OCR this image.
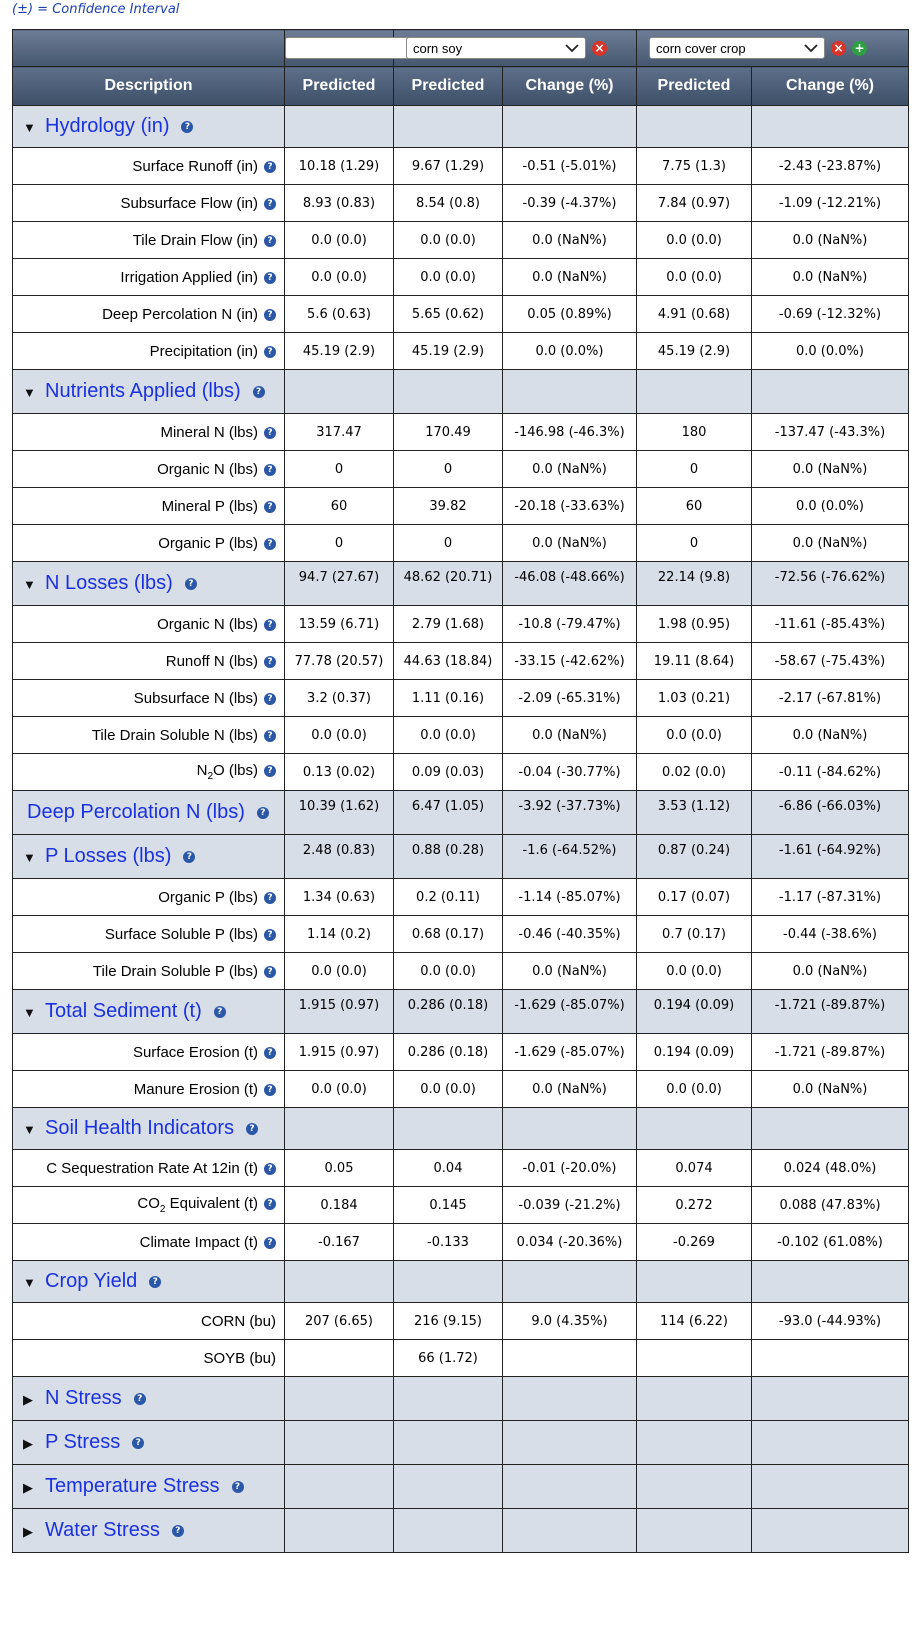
(±) = Confidence Interval

	corn soy ×		corn cover crop × +	
Description	Predicted	Predicted	Change (%)	Predicted	Change (%)
▼ Hydrology (in) ?					
Surface Runoff (in) ?	10.18 (1.29)	9.67 (1.29)	-0.51 (-5.01%)	7.75 (1.3)	-2.43 (-23.87%)
Subsurface Flow (in) ?	8.93 (0.83)	8.54 (0.8)	-0.39 (-4.37%)	7.84 (0.97)	-1.09 (-12.21%)
Tile Drain Flow (in) ?	0.0 (0.0)	0.0 (0.0)	0.0 (NaN%)	0.0 (0.0)	0.0 (NaN%)
Irrigation Applied (in) ?	0.0 (0.0)	0.0 (0.0)	0.0 (NaN%)	0.0 (0.0)	0.0 (NaN%)
Deep Percolation N (in) ?	5.6 (0.63)	5.65 (0.62)	0.05 (0.89%)	4.91 (0.68)	-0.69 (-12.32%)
Precipitation (in) ?	45.19 (2.9)	45.19 (2.9)	0.0 (0.0%)	45.19 (2.9)	0.0 (0.0%)
▼ Nutrients Applied (lbs) ?					
Mineral N (lbs) ?	317.47	170.49	-146.98 (-46.3%)	180	-137.47 (-43.3%)
Organic N (lbs) ?	0	0	0.0 (NaN%)	0	0.0 (NaN%)
Mineral P (lbs) ?	60	39.82	-20.18 (-33.63%)	60	0.0 (0.0%)
Organic P (lbs) ?	0	0	0.0 (NaN%)	0	0.0 (NaN%)
▼ N Losses (lbs) ?	94.7 (27.67)	48.62 (20.71)	-46.08 (-48.66%)	22.14 (9.8)	-72.56 (-76.62%)
Organic N (lbs) ?	13.59 (6.71)	2.79 (1.68)	-10.8 (-79.47%)	1.98 (0.95)	-11.61 (-85.43%)
Runoff N (lbs) ?	77.78 (20.57)	44.63 (18.84)	-33.15 (-42.62%)	19.11 (8.64)	-58.67 (-75.43%)
Subsurface N (lbs) ?	3.2 (0.37)	1.11 (0.16)	-2.09 (-65.31%)	1.03 (0.21)	-2.17 (-67.81%)
Tile Drain Soluble N (lbs) ?	0.0 (0.0)	0.0 (0.0)	0.0 (NaN%)	0.0 (0.0)	0.0 (NaN%)
$N_2O$ (lbs) ?	0.13 (0.02)	0.09 (0.03)	-0.04 (-30.77%)	0.02 (0.0)	-0.11 (-84.62%)
Deep Percolation N (lbs) ?	10.39 (1.62)	6.47 (1.05)	-3.92 (-37.73%)	3.53 (1.12)	-6.86 (-66.03%)
▼ P Losses (lbs) ?	2.48 (0.83)	0.88 (0.28)	-1.6 (-64.52%)	0.87 (0.24)	-1.61 (-64.92%)
Organic P (lbs) ?	1.34 (0.63)	0.2 (0.11)	-1.14 (-85.07%)	0.17 (0.07)	-1.17 (-87.31%)
Surface Soluble P (lbs) ?	1.14 (0.2)	0.68 (0.17)	-0.46 (-40.35%)	0.7 (0.17)	-0.44 (-38.6%)
Tile Drain Soluble P (lbs) ?	0.0 (0.0)	0.0 (0.0)	0.0 (NaN%)	0.0 (0.0)	0.0 (NaN%)
▼ Total Sediment (t) ?	1.915 (0.97)	0.286 (0.18)	-1.629 (-85.07%)	0.194 (0.09)	-1.721 (-89.87%)
Surface Erosion (t) ?	1.915 (0.97)	0.286 (0.18)	-1.629 (-85.07%)	0.194 (0.09)	-1.721 (-89.87%)
Manure Erosion (t) ?	0.0 (0.0)	0.0 (0.0)	0.0 (NaN%)	0.0 (0.0)	0.0 (NaN%)
▼ Soil Health Indicators ?					
C Sequestration Rate At 12in (t) ?	0.05	0.04	-0.01 (-20.0%)	0.074	0.024 (48.0%)
$CO_2$ Equivalent (t) ?	0.184	0.145	-0.039 (-21.2%)	0.272	0.088 (47.83%)
Climate Impact (t) ?	-0.167	-0.133	0.034 (-20.36%)	-0.269	-0.102 (61.08%)
▼ Crop Yield ?					
CORN (bu)	207 (6.65)	216 (9.15)	9.0 (4.35%)	114 (6.22)	-93.0 (-44.93%)
SOYB (bu)		66 (1.72)			
▶ N Stress ?					
▶ P Stress ?					
▶ Temperature Stress ?					
▶ Water Stress ?					
